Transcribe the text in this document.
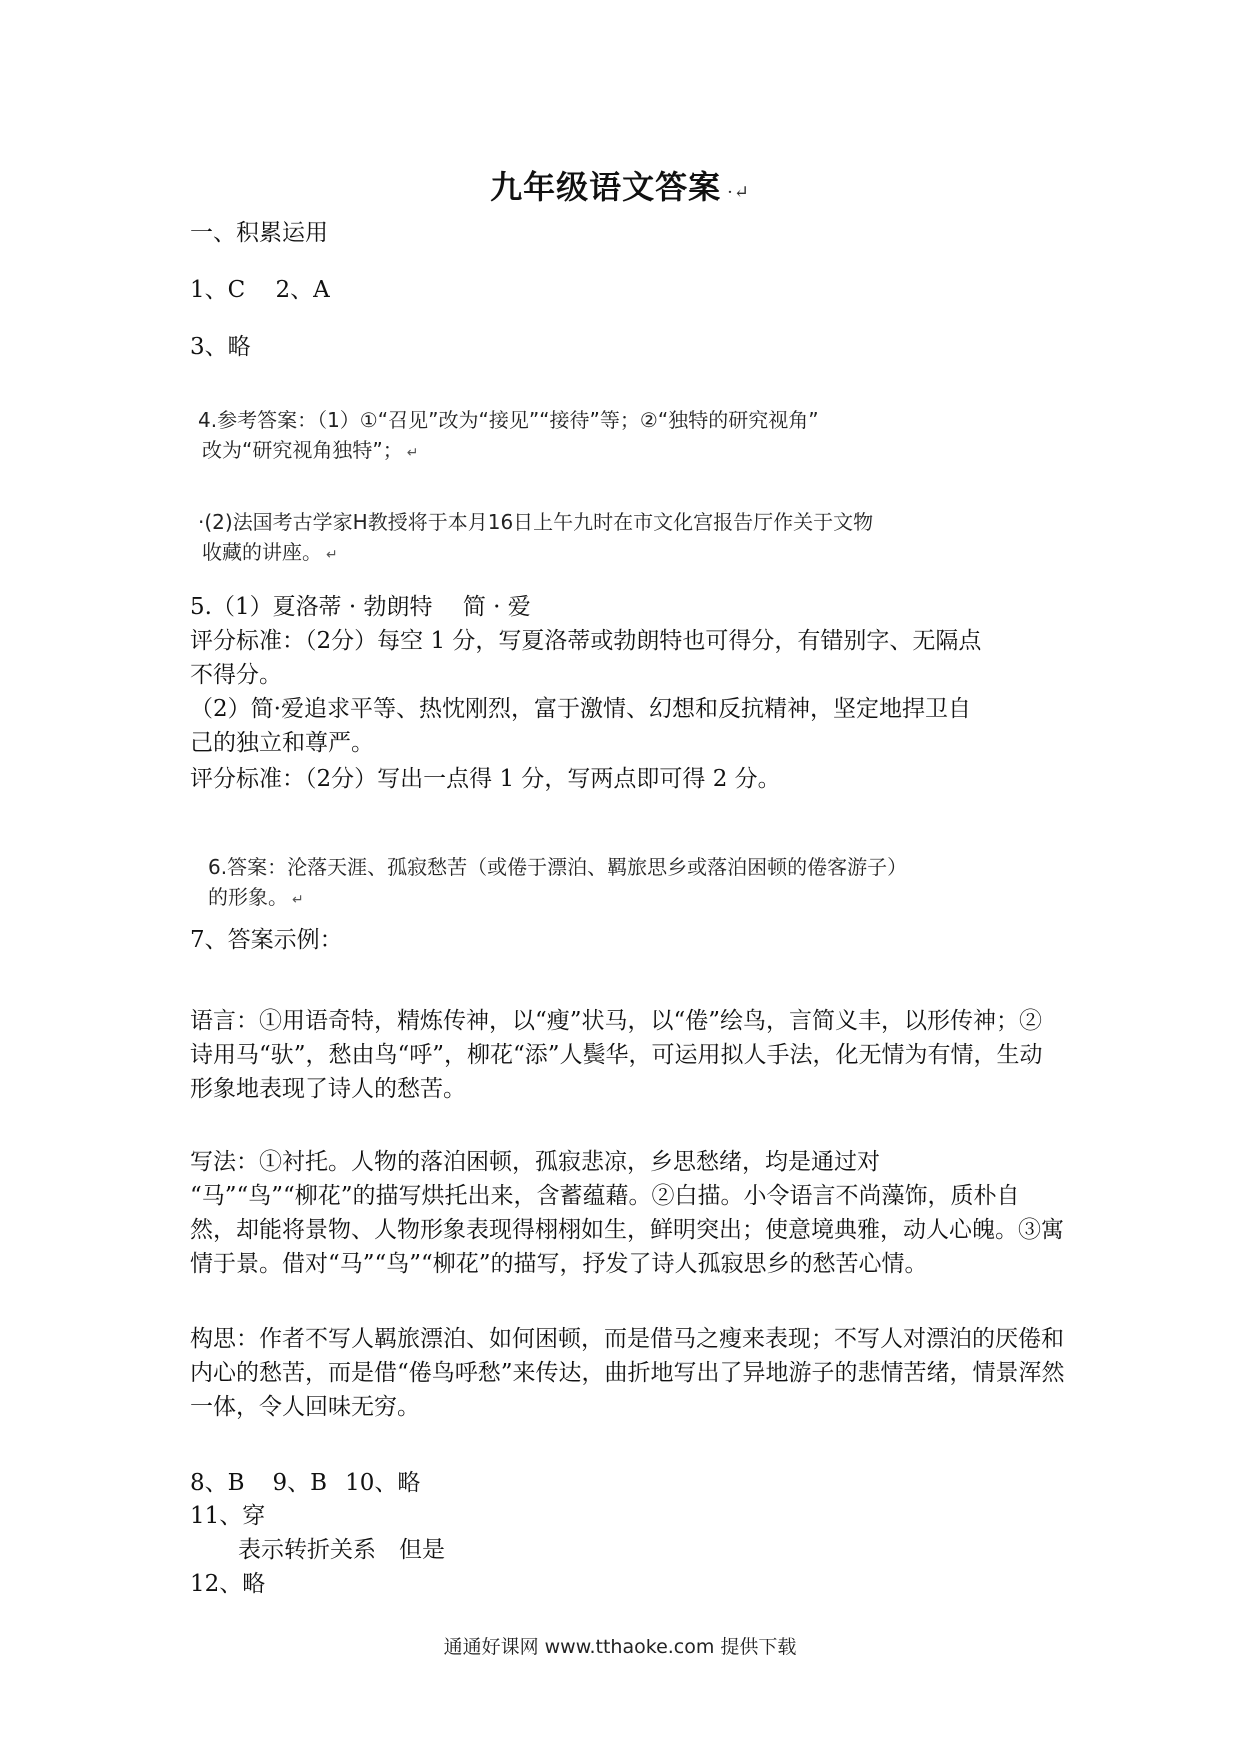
九年级语文答案 ·↵
一、积累运用
1、C　 2、A
3、略
4.参考答案：（1）①“召见”改为“接见”“接待”等；②“独特的研究视角”
改为“研究视角独特”； ↵
·(2)法国考古学家H教授将于本月16日上午九时在市文化宫报告厅作关于文物
收藏的讲座。 ↵
5.（1）夏洛蒂 · 勃朗特　 简 · 爱
评分标准：（2分）每空 1 分，写夏洛蒂或勃朗特也可得分，有错别字、无隔点
不得分。
（2）简·爱追求平等、热忱刚烈，富于激情、幻想和反抗精神，坚定地捍卫自
己的独立和尊严。
评分标准：（2分）写出一点得 1 分，写两点即可得 2 分。
6.答案：沦落天涯、孤寂愁苦（或倦于漂泊、羁旅思乡或落泊困顿的倦客游子）
的形象。 ↵
7、答案示例：
语言：①用语奇特，精炼传神，以“瘦”状马，以“倦”绘鸟，言简义丰，以形传神；②诗用马“驮”，愁由鸟“呼”，柳花“添”人鬓华，可运用拟人手法，化无情为有情，生动形象地表现了诗人的愁苦。
写法：①衬托。人物的落泊困顿，孤寂悲凉，乡思愁绪，均是通过对
“马”“鸟”“柳花”的描写烘托出来，含蓄蕴藉。②白描。小令语言不尚藻饰，质朴自然，却能将景物、人物形象表现得栩栩如生，鲜明突出；使意境典雅，动人心魄。③寓情于景。借对“马”“鸟”“柳花”的描写，抒发了诗人孤寂思乡的愁苦心情。
构思：作者不写人羁旅漂泊、如何困顿，而是借马之瘦来表现；不写人对漂泊的厌倦和内心的愁苦，而是借“倦鸟呼愁”来传达，曲折地写出了异地游子的悲情苦绪，情景浑然一体，令人回味无穷。
8、B 9、B 10、略
11、穿
表示转折关系　但是
12、略
通通好课网 www.tthaoke.com 提供下载
